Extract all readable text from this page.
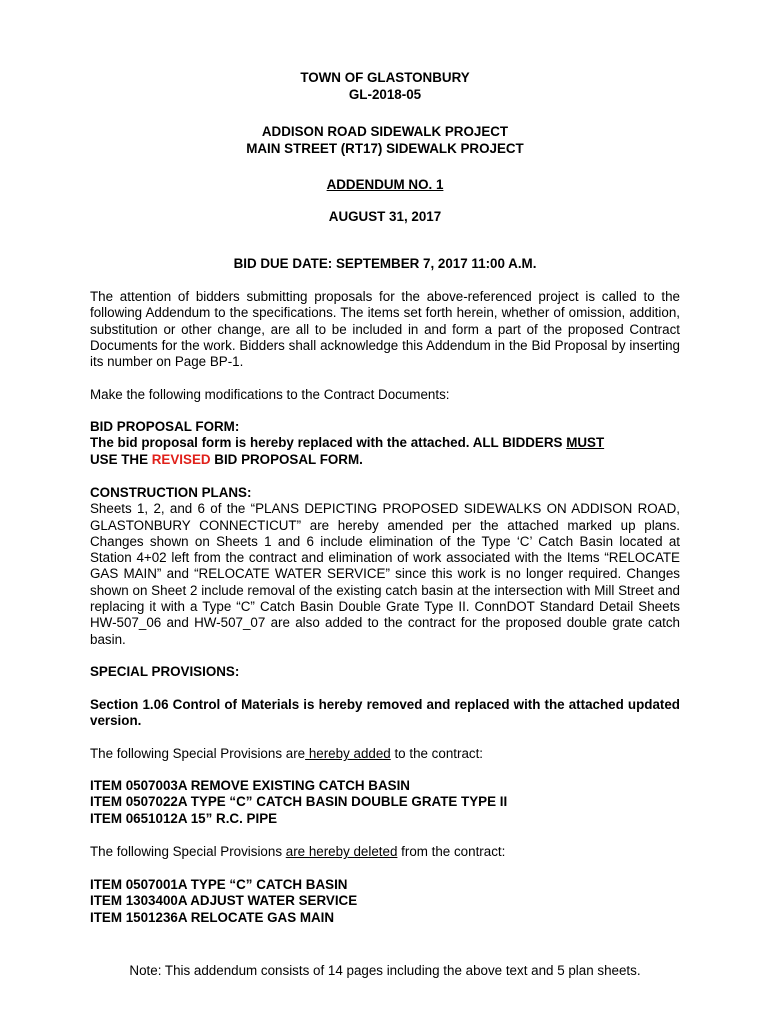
TOWN OF GLASTONBURY

GL-2018-05

ADDISON ROAD SIDEWALK PROJECT

MAIN STREET (RT17) SIDEWALK PROJECT

ADDENDUM NO. 1

AUGUST 31, 2017

BID DUE DATE: SEPTEMBER 7, 2017 11:00 A.M.

The attention of bidders submitting proposals for the above-referenced project is called to the following Addendum to the specifications. The items set forth herein, whether of omission, addition, substitution or other change, are all to be included in and form a part of the proposed Contract Documents for the work. Bidders shall acknowledge this Addendum in the Bid Proposal by inserting its number on Page BP-1.

Make the following modifications to the Contract Documents:

BID PROPOSAL FORM:

The bid proposal form is hereby replaced with the attached. ALL BIDDERS MUST
USE THE REVISED BID PROPOSAL FORM.

CONSTRUCTION PLANS:

Sheets 1, 2, and 6 of the “PLANS DEPICTING PROPOSED SIDEWALKS ON ADDISON ROAD, GLASTONBURY CONNECTICUT” are hereby amended per the attached marked up plans. Changes shown on Sheets 1 and 6 include elimination of the Type ‘C’ Catch Basin located at Station 4+02 left from the contract and elimination of work associated with the Items “RELOCATE GAS MAIN” and “RELOCATE WATER SERVICE” since this work is no longer required. Changes shown on Sheet 2 include removal of the existing catch basin at the intersection with Mill Street and replacing it with a Type “C” Catch Basin Double Grate Type II. ConnDOT Standard Detail Sheets HW-507_06 and HW-507_07 are also added to the contract for the proposed double grate catch basin.

SPECIAL PROVISIONS:

Section 1.06 Control of Materials is hereby removed and replaced with the attached updated version.

The following Special Provisions are hereby added to the contract:

ITEM 0507003A REMOVE EXISTING CATCH BASIN

ITEM 0507022A TYPE “C” CATCH BASIN DOUBLE GRATE TYPE II

ITEM 0651012A 15” R.C. PIPE

The following Special Provisions are hereby deleted from the contract:

ITEM 0507001A TYPE “C” CATCH BASIN

ITEM 1303400A ADJUST WATER SERVICE

ITEM 1501236A RELOCATE GAS MAIN

Note: This addendum consists of 14 pages including the above text and 5 plan sheets.
